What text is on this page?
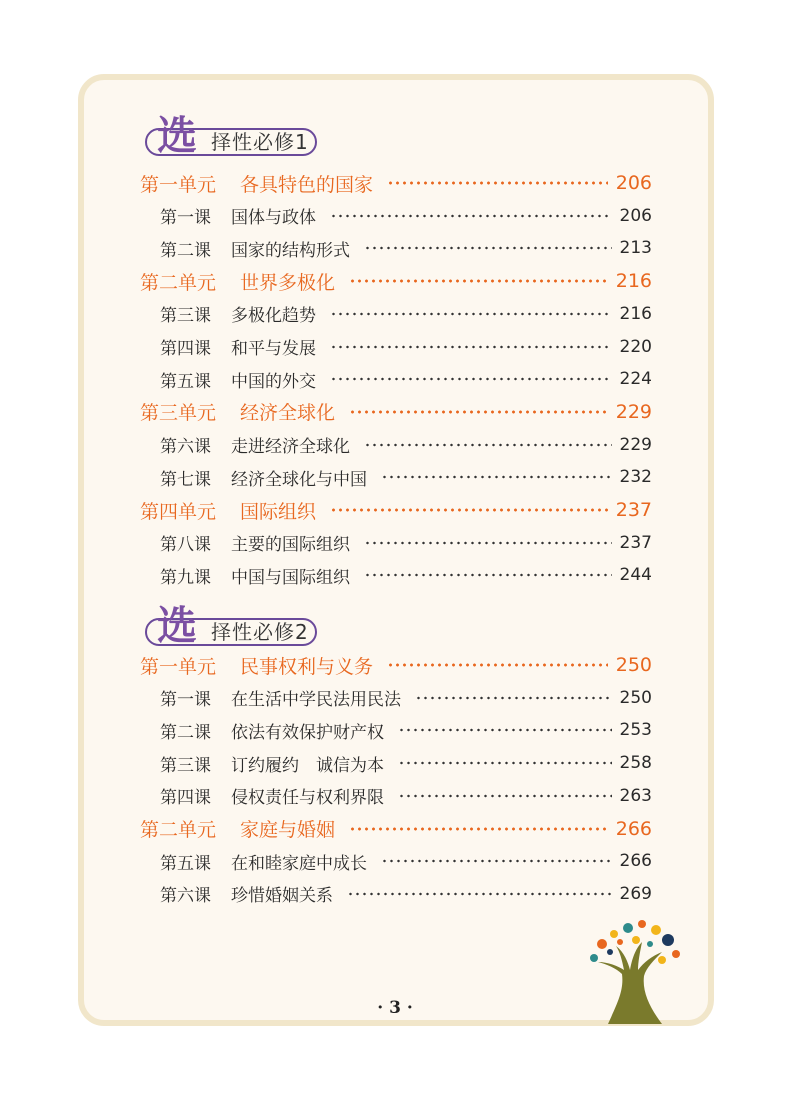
选 择性必修1
第一单元 各具特色的国家	206
第一课 国体与政体	206
第二课 国家的结构形式	213
第二单元 世界多极化	216
第三课 多极化趋势	216
第四课 和平与发展	220
第五课 中国的外交	224
第三单元 经济全球化	229
第六课 走进经济全球化	229
第七课 经济全球化与中国	232
第四单元 国际组织	237
第八课 主要的国际组织	237
第九课 中国与国际组织	244
选 择性必修2
第一单元 民事权利与义务	250
第一课 在生活中学民法用民法	250
第二课 依法有效保护财产权	253
第三课 订约履约　诚信为本	258
第四课 侵权责任与权利界限	263
第二单元 家庭与婚姻	266
第五课 在和睦家庭中成长	266
第六课 珍惜婚姻关系	269
· 3 ·
